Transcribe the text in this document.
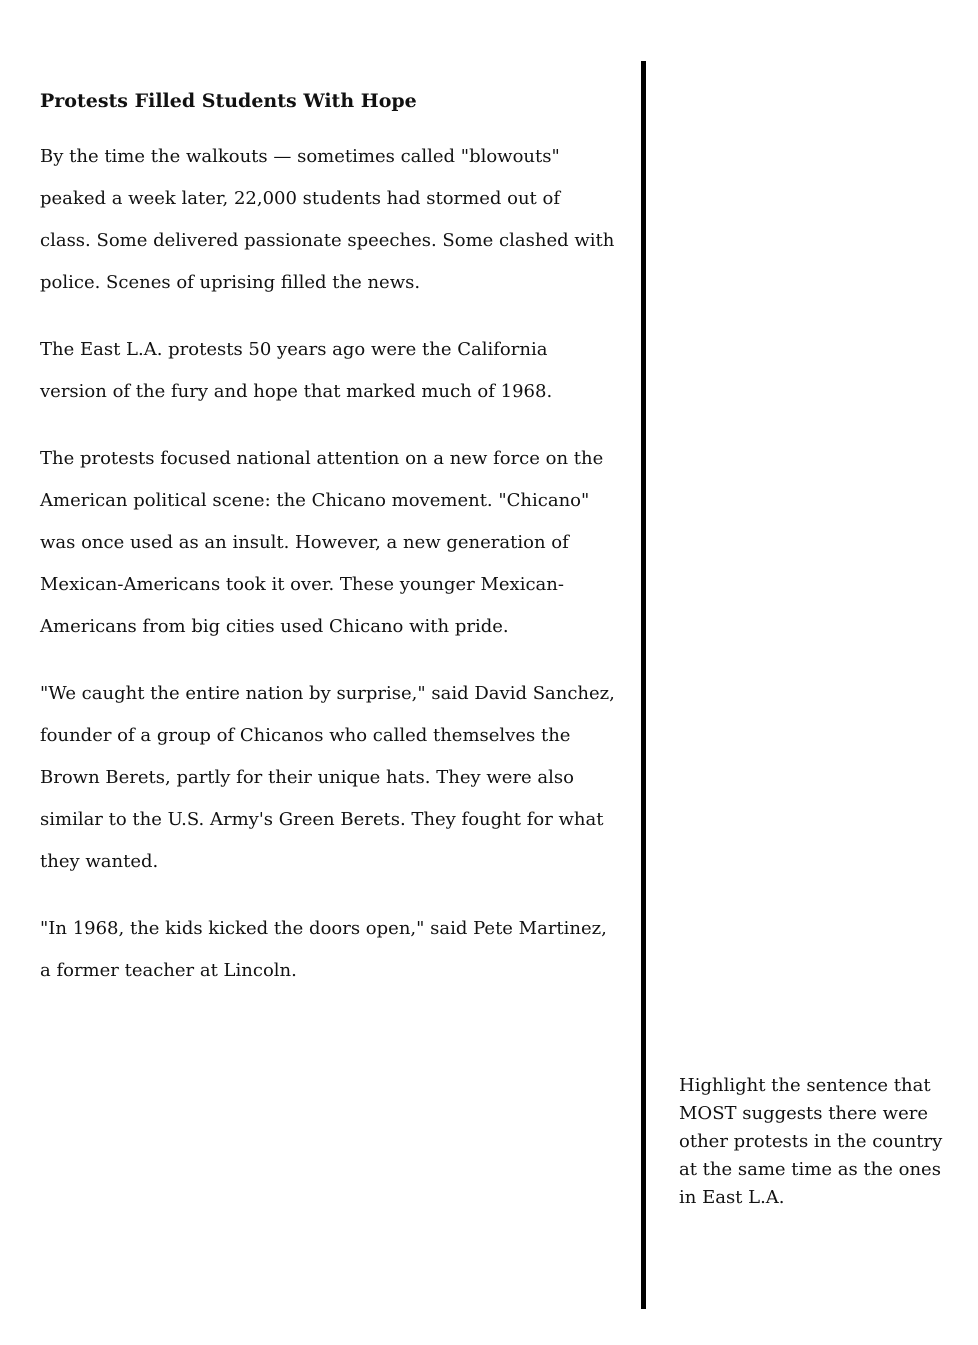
Protests Filled Students With Hope

By the time the walkouts — sometimes called "blowouts" peaked a week later, 22,000 students had stormed out of class. Some delivered passionate speeches. Some clashed with police. Scenes of uprising filled the news.

The East L.A. protests 50 years ago were the California version of the fury and hope that marked much of 1968.

The protests focused national attention on a new force on the American political scene: the Chicano movement. "Chicano" was once used as an insult. However, a new generation of Mexican-Americans took it over. These younger Mexican-Americans from big cities used Chicano with pride.

"We caught the entire nation by surprise," said David Sanchez, founder of a group of Chicanos who called themselves the Brown Berets, partly for their unique hats. They were also similar to the U.S. Army's Green Berets. They fought for what they wanted.

"In 1968, the kids kicked the doors open," said Pete Martinez, a former teacher at Lincoln.

Highlight the sentence that MOST suggests there were other protests in the country at the same time as the ones in East L.A.
